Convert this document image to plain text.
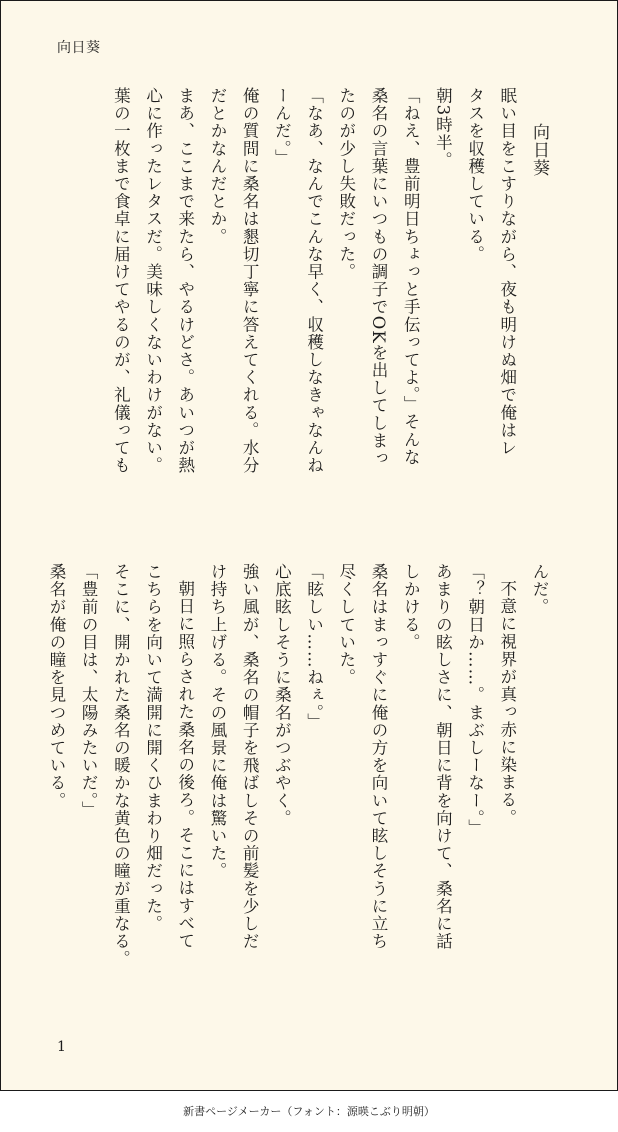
向日葵
向日葵
眠い目をこすりながら、夜も明けぬ畑で俺はレ
タスを収穫している。
朝3時半。
「ねえ、豊前明日ちょっと手伝ってよ。」そんな
桑名の言葉にいつもの調子でOKを出してしまっ
たのが少し失敗だった。
「なあ、なんでこんな早く、収穫しなきゃなんね
ーんだ。」
俺の質問に桑名は懇切丁寧に答えてくれる。水分
だとかなんだとか。
まあ、ここまで来たら、やるけどさ。あいつが熱
心に作ったレタスだ。美味しくないわけがない。
葉の一枚まで食卓に届けてやるのが、礼儀っても
んだ。
不意に視界が真っ赤に染まる。
「？朝日か……。まぶしーなー。」
あまりの眩しさに、朝日に背を向けて、桑名に話
しかける。
桑名はまっすぐに俺の方を向いて眩しそうに立ち
尽くしていた。
「眩しい……ねぇ。」
心底眩しそうに桑名がつぶやく。
強い風が、桑名の帽子を飛ばしその前髪を少しだ
け持ち上げる。その風景に俺は驚いた。
朝日に照らされた桑名の後ろ。そこにはすべて
こちらを向いて満開に開くひまわり畑だった。
そこに、開かれた桑名の暖かな黄色の瞳が重なる。
「豊前の目は、太陽みたいだ。」
桑名が俺の瞳を見つめている。
1
新書ページメーカー（フォント：源暎こぶり明朝）
